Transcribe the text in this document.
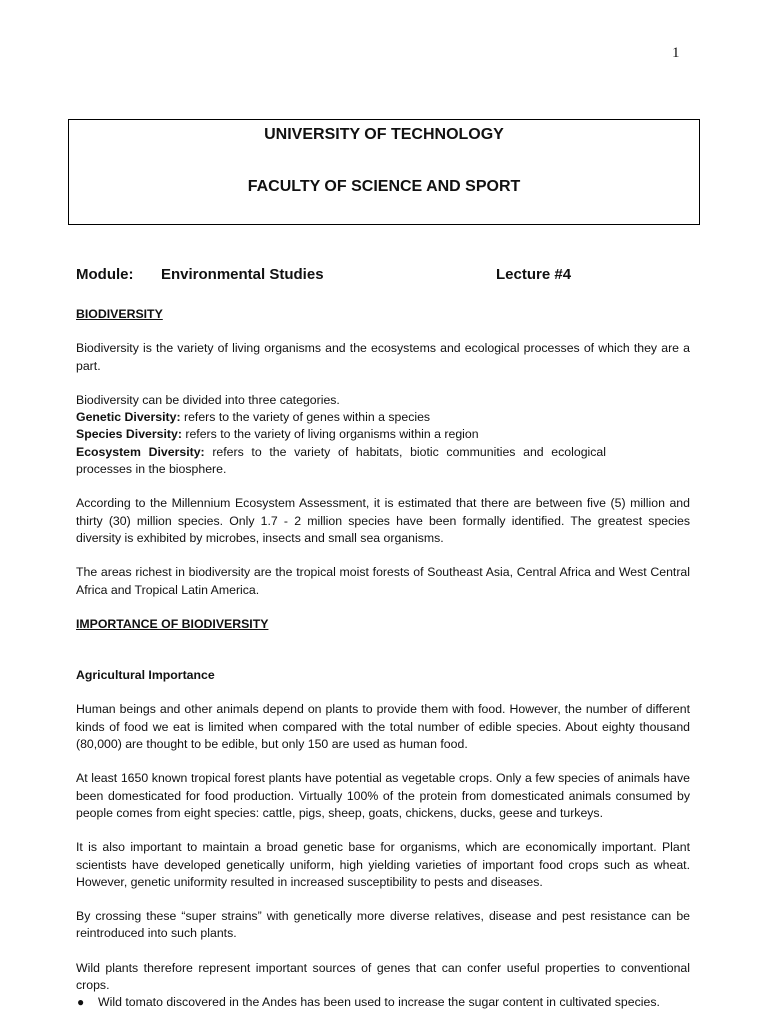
1
UNIVERSITY OF TECHNOLOGY
FACULTY OF SCIENCE AND SPORT
Module: Environmental Studies	Lecture #4

BIODIVERSITY

Biodiversity is the variety of living organisms and the ecosystems and ecological processes of which they are a part.

Biodiversity can be divided into three categories.

Genetic Diversity: refers to the variety of genes within a species

Species Diversity: refers to the variety of living organisms within a region

Ecosystem Diversity: refers to the variety of habitats, biotic communities and ecological processes in the biosphere.

According to the Millennium Ecosystem Assessment, it is estimated that there are between five (5) million and thirty (30) million species. Only 1.7 - 2 million species have been formally identified. The greatest species diversity is exhibited by microbes, insects and small sea organisms.

The areas richest in biodiversity are the tropical moist forests of Southeast Asia, Central Africa and West Central Africa and Tropical Latin America.

IMPORTANCE OF BIODIVERSITY

Agricultural Importance

Human beings and other animals depend on plants to provide them with food. However, the number of different kinds of food we eat is limited when compared with the total number of edible species. About eighty thousand (80,000) are thought to be edible, but only 150 are used as human food.

At least 1650 known tropical forest plants have potential as vegetable crops. Only a few species of animals have been domesticated for food production. Virtually 100% of the protein from domesticated animals consumed by people comes from eight species: cattle, pigs, sheep, goats, chickens, ducks, geese and turkeys.

It is also important to maintain a broad genetic base for organisms, which are economically important. Plant scientists have developed genetically uniform, high yielding varieties of important food crops such as wheat. However, genetic uniformity resulted in increased susceptibility to pests and diseases.

By crossing these “super strains” with genetically more diverse relatives, disease and pest resistance can be reintroduced into such plants.

Wild plants therefore represent important sources of genes that can confer useful properties to conventional crops.

● Wild tomato discovered in the Andes has been used to increase the sugar content in cultivated species.
